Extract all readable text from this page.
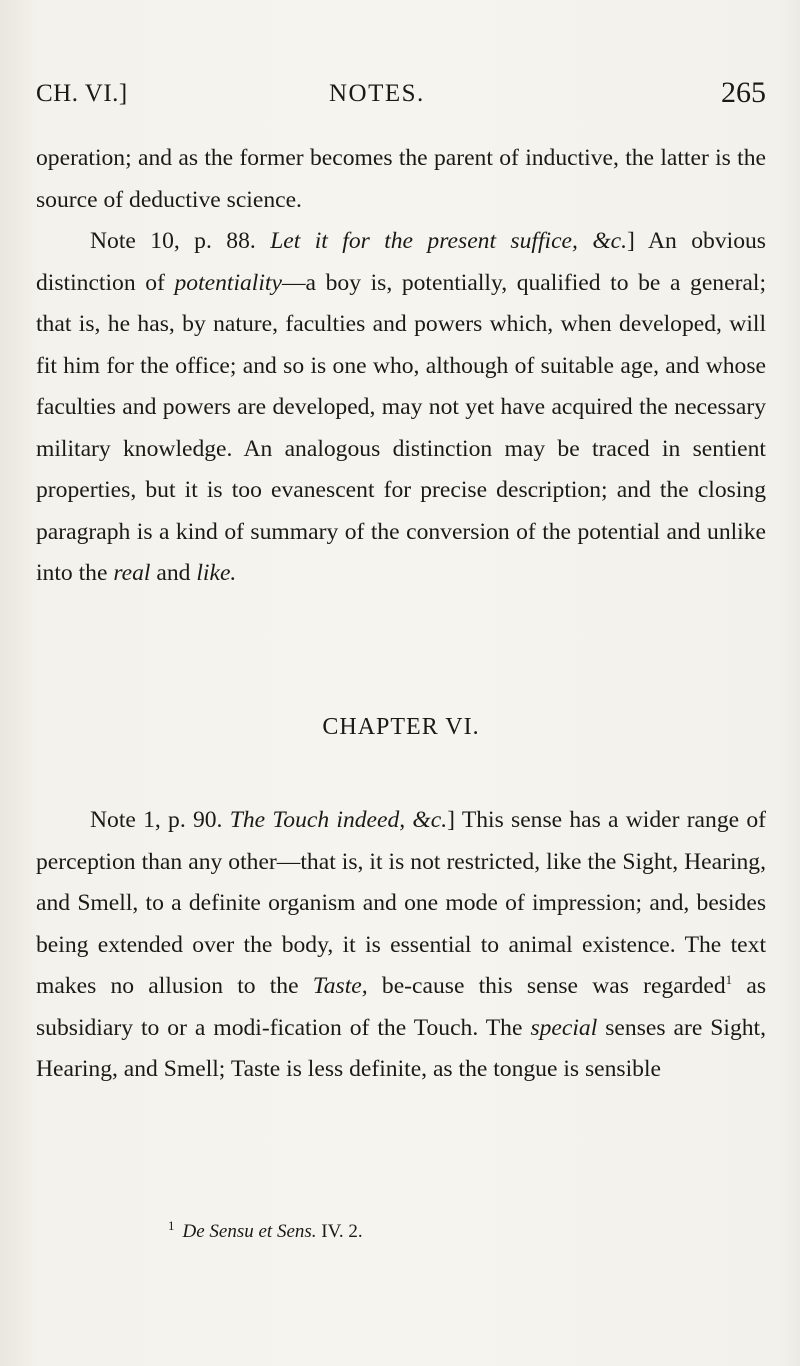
CH. VI.]	NOTES.	265

operation; and as the former becomes the parent of inductive, the latter is the source of deductive science.

Note 10, p. 88. Let it for the present suffice, &c.] An obvious distinction of potentiality—a boy is, potentially, qualified to be a general; that is, he has, by nature, faculties and powers which, when developed, will fit him for the office; and so is one who, although of suitable age, and whose faculties and powers are developed, may not yet have acquired the necessary military knowledge. An analogous distinction may be traced in sentient properties, but it is too evanescent for precise description; and the closing paragraph is a kind of summary of the conversion of the potential and unlike into the real and like.

CHAPTER VI.

Note 1, p. 90. The Touch indeed, &c.] This sense has a wider range of perception than any other—that is, it is not restricted, like the Sight, Hearing, and Smell, to a definite organism and one mode of impression; and, besides being extended over the body, it is essential to animal existence. The text makes no allusion to the Taste, be-cause this sense was regarded$^1$ as subsidiary to or a modi-fication of the Touch. The special senses are Sight, Hearing, and Smell; Taste is less definite, as the tongue is sensible

$^1$ De Sensu et Sens. IV. 2.
